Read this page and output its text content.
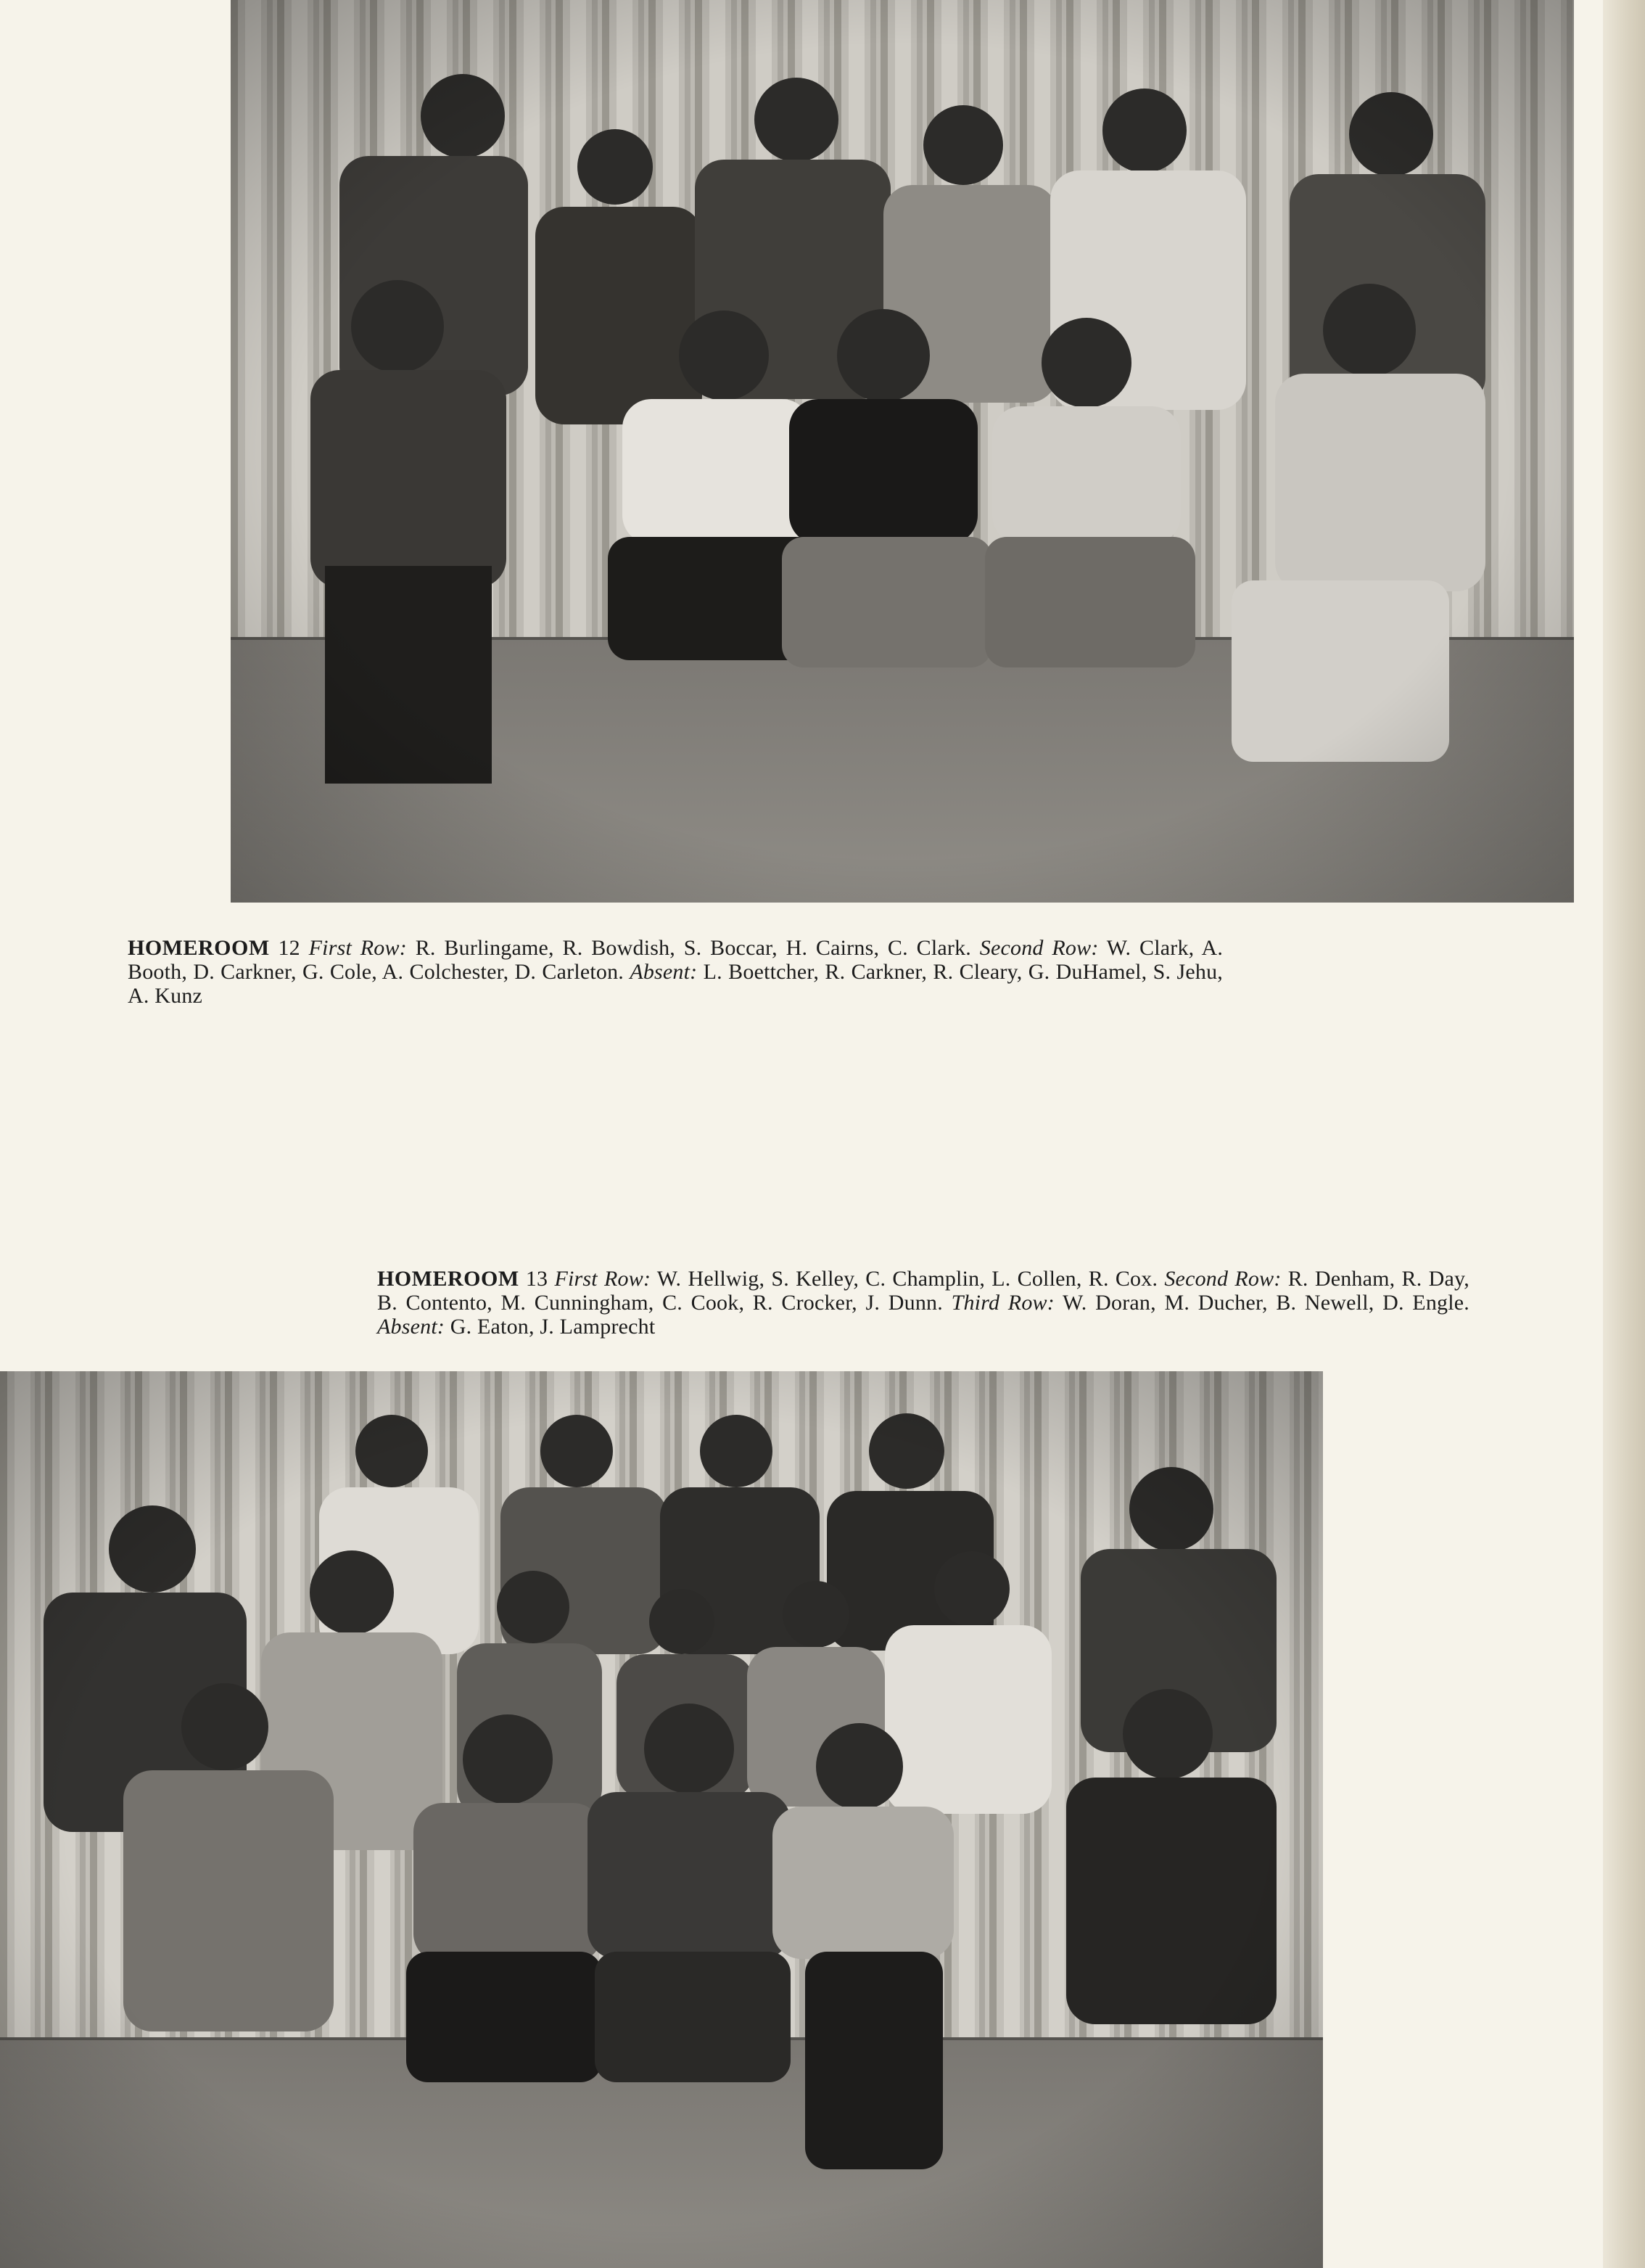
HOMEROOM 12 First Row: R. Burlingame, R. Bowdish, S. Boccar, H. Cairns, C. Clark. Second Row: W. Clark, A. Booth, D. Carkner, G. Cole, A. Colchester, D. Carleton. Absent: L. Boettcher, R. Carkner, R. Cleary, G. DuHamel, S. Jehu, A. Kunz
HOMEROOM 13 First Row: W. Hellwig, S. Kelley, C. Champlin, L. Collen, R. Cox. Second Row: R. Denham, R. Day, B. Contento, M. Cunningham, C. Cook, R. Crocker, J. Dunn. Third Row: W. Doran, M. Ducher, B. Newell, D. Engle. Absent: G. Eaton, J. Lamprecht
